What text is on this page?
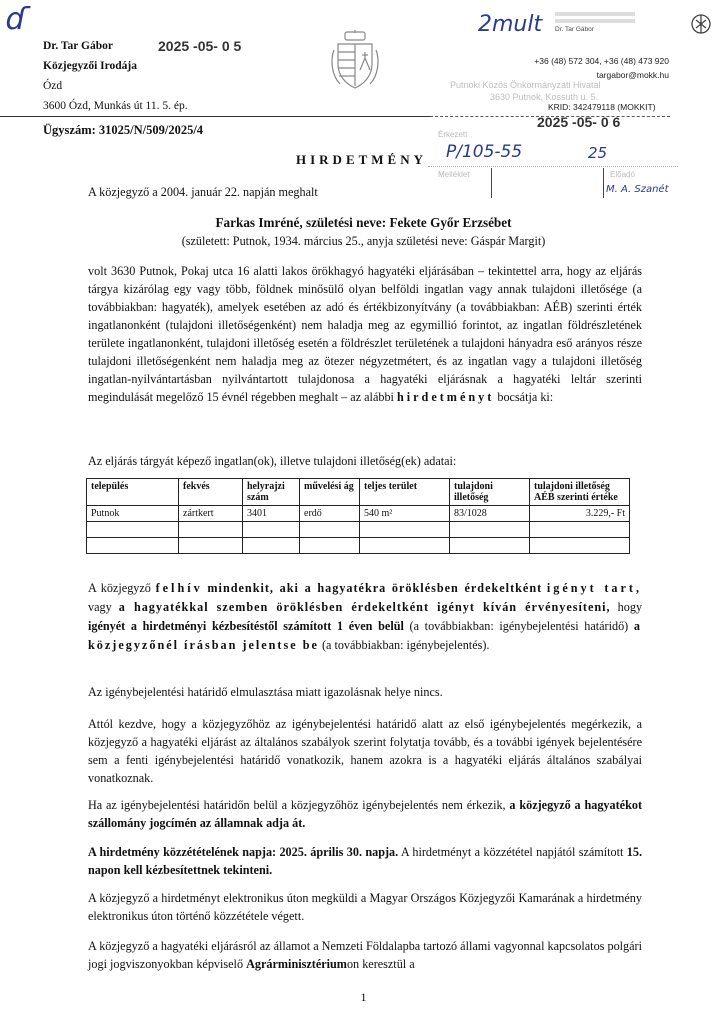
ɗ
Dr. Tar Gábor
Közjegyzői Irodája
Ózd
3600 Ózd, Munkás út 11. 5. ép.
2025 -05- 0 5
2mult Dr. Tar Gábor
+36 (48) 572 304, +36 (48) 473 920
targabor@mokk.hu
Putnoki Közös Önkormányzati Hivatal
3630 Putnok, Kossuth u. 5.
KRID: 342479118 (MOKKIT)
Ügyszám: 31025/N/509/2025/4	2025 -05- 0 6
Érkezett
Melléklet	Előadó
P/105-55	25
M. A. Szanét
HIRDETMÉNY
A közjegyző a 2004. január 22. napján meghalt
Farkas Imréné, születési neve: Fekete Győr Erzsébet
(született: Putnok, 1934. március 25., anyja születési neve: Gáspár Margit)
volt 3630 Putnok, Pokaj utca 16 alatti lakos örökhagyó hagyatéki eljárásában – tekintettel arra, hogy az eljárás tárgya kizárólag egy vagy több, földnek minősülő olyan belföldi ingatlan vagy annak tulajdoni illetősége (a továbbiakban: hagyaték), amelyek esetében az adó és értékbizonyítvány (a továbbiakban: AÉB) szerinti érték ingatlanonként (tulajdoni illetőségenként) nem haladja meg az egymillió forintot, az ingatlan földrészletének területe ingatlanonként, tulajdoni illetőség esetén a földrészlet területének a tulajdoni hányadra eső arányos része tulajdoni illetőségenként nem haladja meg az ötezer négyzetmétert, és az ingatlan vagy a tulajdoni illetőség ingatlan-nyilvántartásban nyilvántartott tulajdonosa a hagyatéki eljárásnak a hagyatéki leltár szerinti megindulását megelőző 15 évnél régebben meghalt – az alábbi hirdetményt bocsátja ki:
Az eljárás tárgyát képező ingatlan(ok), illetve tulajdoni illetőség(ek) adatai:
település	fekvés	helyrajzi szám	művelési ág	teljes terület	tulajdoni illetőség	tulajdoni illetőség AÉB szerinti értéke
Putnok	zártkert	3401	erdő	540 m²	83/1028	3.229,- Ft

A közjegyző felhív mindenkit, aki a hagyatékra öröklésben érdekeltként igényt tart, vagy a hagyatékkal szemben öröklésben érdekeltként igényt kíván érvényesíteni, hogy igényét a hirdetményi kézbesítéstől számított 1 éven belül (a továbbiakban: igénybejelentési határidő) a közjegyzőnél írásban jelentse be (a továbbiakban: igénybejelentés).
Az igénybejelentési határidő elmulasztása miatt igazolásnak helye nincs.
Attól kezdve, hogy a közjegyzőhöz az igénybejelentési határidő alatt az első igénybejelentés megérkezik, a közjegyző a hagyatéki eljárást az általános szabályok szerint folytatja tovább, és a további igények bejelentésére sem a fenti igénybejelentési határidő vonatkozik, hanem azokra is a hagyatéki eljárás általános szabályai vonatkoznak.
Ha az igénybejelentési határidőn belül a közjegyzőhöz igénybejelentés nem érkezik, a közjegyző a hagyatékot szállomány jogcímén az államnak adja át.
A hirdetmény közzétételének napja: 2025. április 30. napja. A hirdetményt a közzététel napjától számított 15. napon kell kézbesítettnek tekinteni.
A közjegyző a hirdetményt elektronikus úton megküldi a Magyar Országos Közjegyzői Kamarának a hirdetmény elektronikus úton történő közzététele végett.
A közjegyző a hagyatéki eljárásról az államot a Nemzeti Földalapba tartozó állami vagyonnal kapcsolatos polgári jogi jogviszonyokban képviselő Agrárminisztériumon keresztül a
1
